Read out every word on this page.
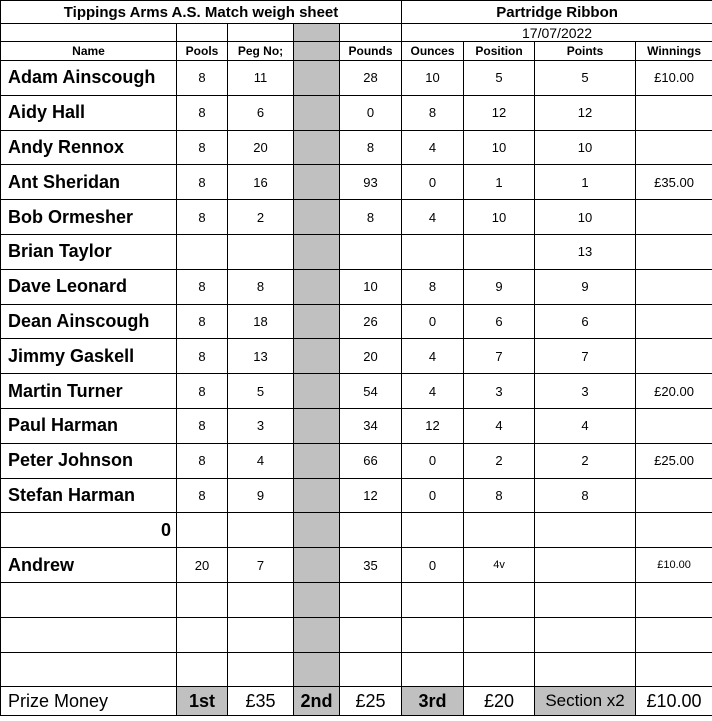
Tippings Arms A.S. Match weigh sheet					Partridge Ribbon			
					17/07/2022			
Name	Pools	Peg No;		Pounds	Ounces	Position	Points	Winnings
Adam Ainscough	8	11		28	10	5	5	£10.00
Aidy Hall	8	6		0	8	12	12	
Andy Rennox	8	20		8	4	10	10	
Ant Sheridan	8	16		93	0	1	1	£35.00
Bob Ormesher	8	2		8	4	10	10	
Brian Taylor							13	
Dave Leonard	8	8		10	8	9	9	
Dean Ainscough	8	18		26	0	6	6	
Jimmy Gaskell	8	13		20	4	7	7	
Martin Turner	8	5		54	4	3	3	£20.00
Paul Harman	8	3		34	12	4	4	
Peter Johnson	8	4		66	0	2	2	£25.00
Stefan Harman	8	9		12	0	8	8	
0								
Andrew	20	7		35	0	4v		£10.00

Prize Money	1st	£35	2nd	£25	3rd	£20	Section x2	£10.00
